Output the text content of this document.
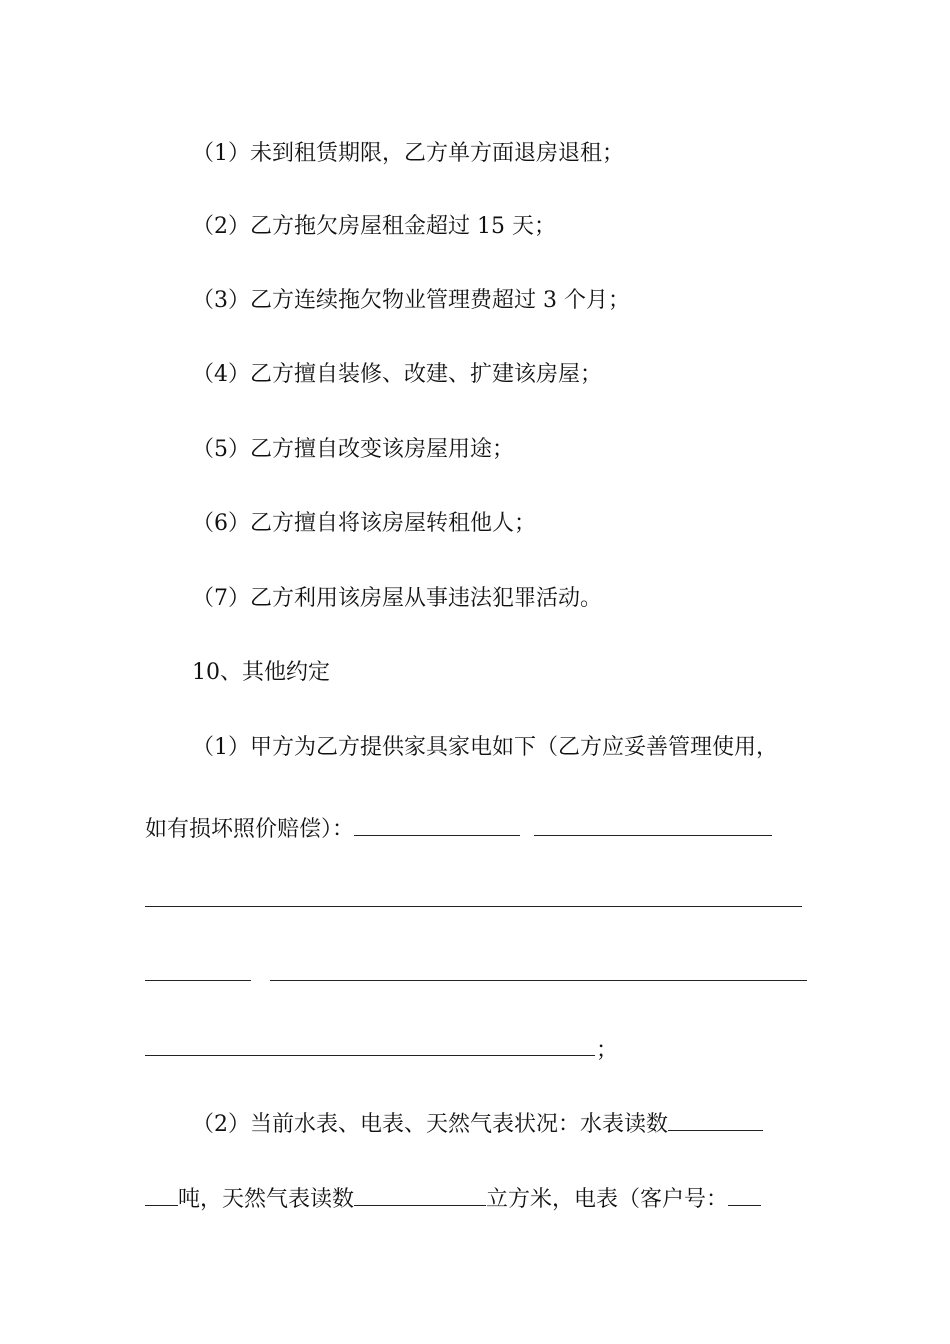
（1）未到租赁期限，乙方单方面退房退租；
（2）乙方拖欠房屋租金超过 15 天；
（3）乙方连续拖欠物业管理费超过 3 个月；
（4）乙方擅自装修、改建、扩建该房屋；
（5）乙方擅自改变该房屋用途；
（6）乙方擅自将该房屋转租他人；
（7）乙方利用该房屋从事违法犯罪活动。
10、其他约定
（1）甲方为乙方提供家具家电如下（乙方应妥善管理使用，
如有损坏照价赔偿）：
；
（2）当前水表、电表、天然气表状况：水表读数
吨，天然气表读数	立方米，电表（客户号：
